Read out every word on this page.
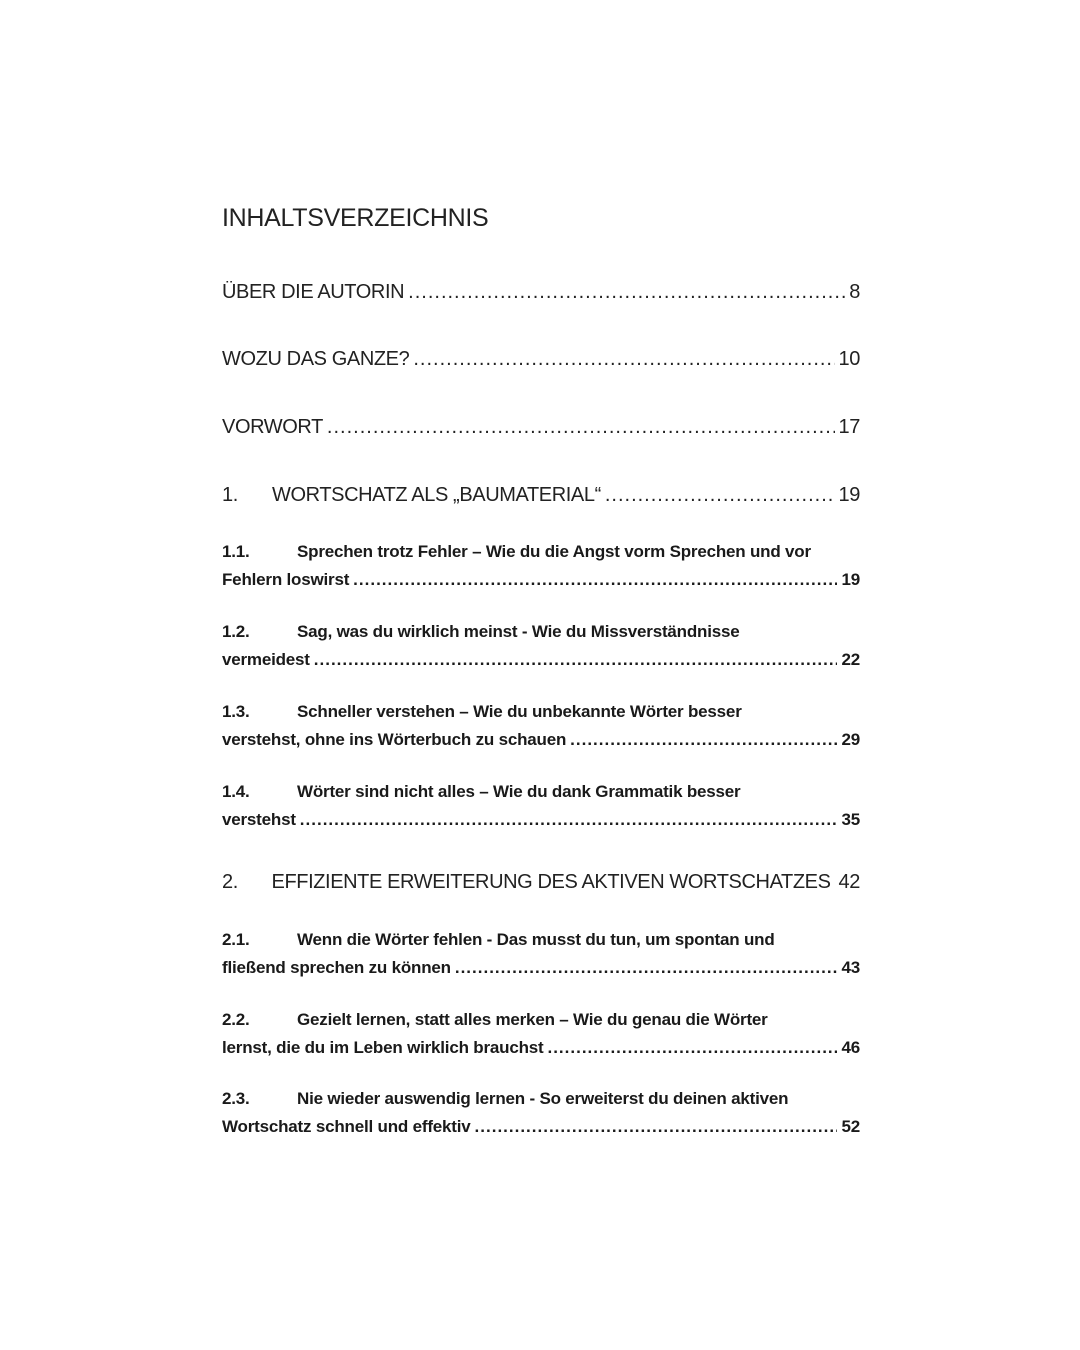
INHALTSVERZEICHNIS
ÜBER DIE AUTORIN .....	8
WOZU DAS GANZE? .....	10
VORWORT .....	17
1.	WORTSCHATZ ALS „BAUMATERIAL“ .....	19
1.1.	Sprechen trotz Fehler – Wie du die Angst vorm Sprechen und vor
Fehlern loswirst .....	19
1.2.	Sag, was du wirklich meinst - Wie du Missverständnisse
vermeidest .....	22
1.3.	Schneller verstehen – Wie du unbekannte Wörter besser
verstehst, ohne ins Wörterbuch zu schauen .....	29
1.4.	Wörter sind nicht alles – Wie du dank Grammatik besser
verstehst .....	35
2.	EFFIZIENTE ERWEITERUNG DES AKTIVEN WORTSCHATZES 42
2.1.	Wenn die Wörter fehlen - Das musst du tun, um spontan und
fließend sprechen zu können .....	43
2.2.	Gezielt lernen, statt alles merken – Wie du genau die Wörter
lernst, die du im Leben wirklich brauchst .....	46
2.3.	Nie wieder auswendig lernen - So erweiterst du deinen aktiven
Wortschatz schnell und effektiv .....	52
